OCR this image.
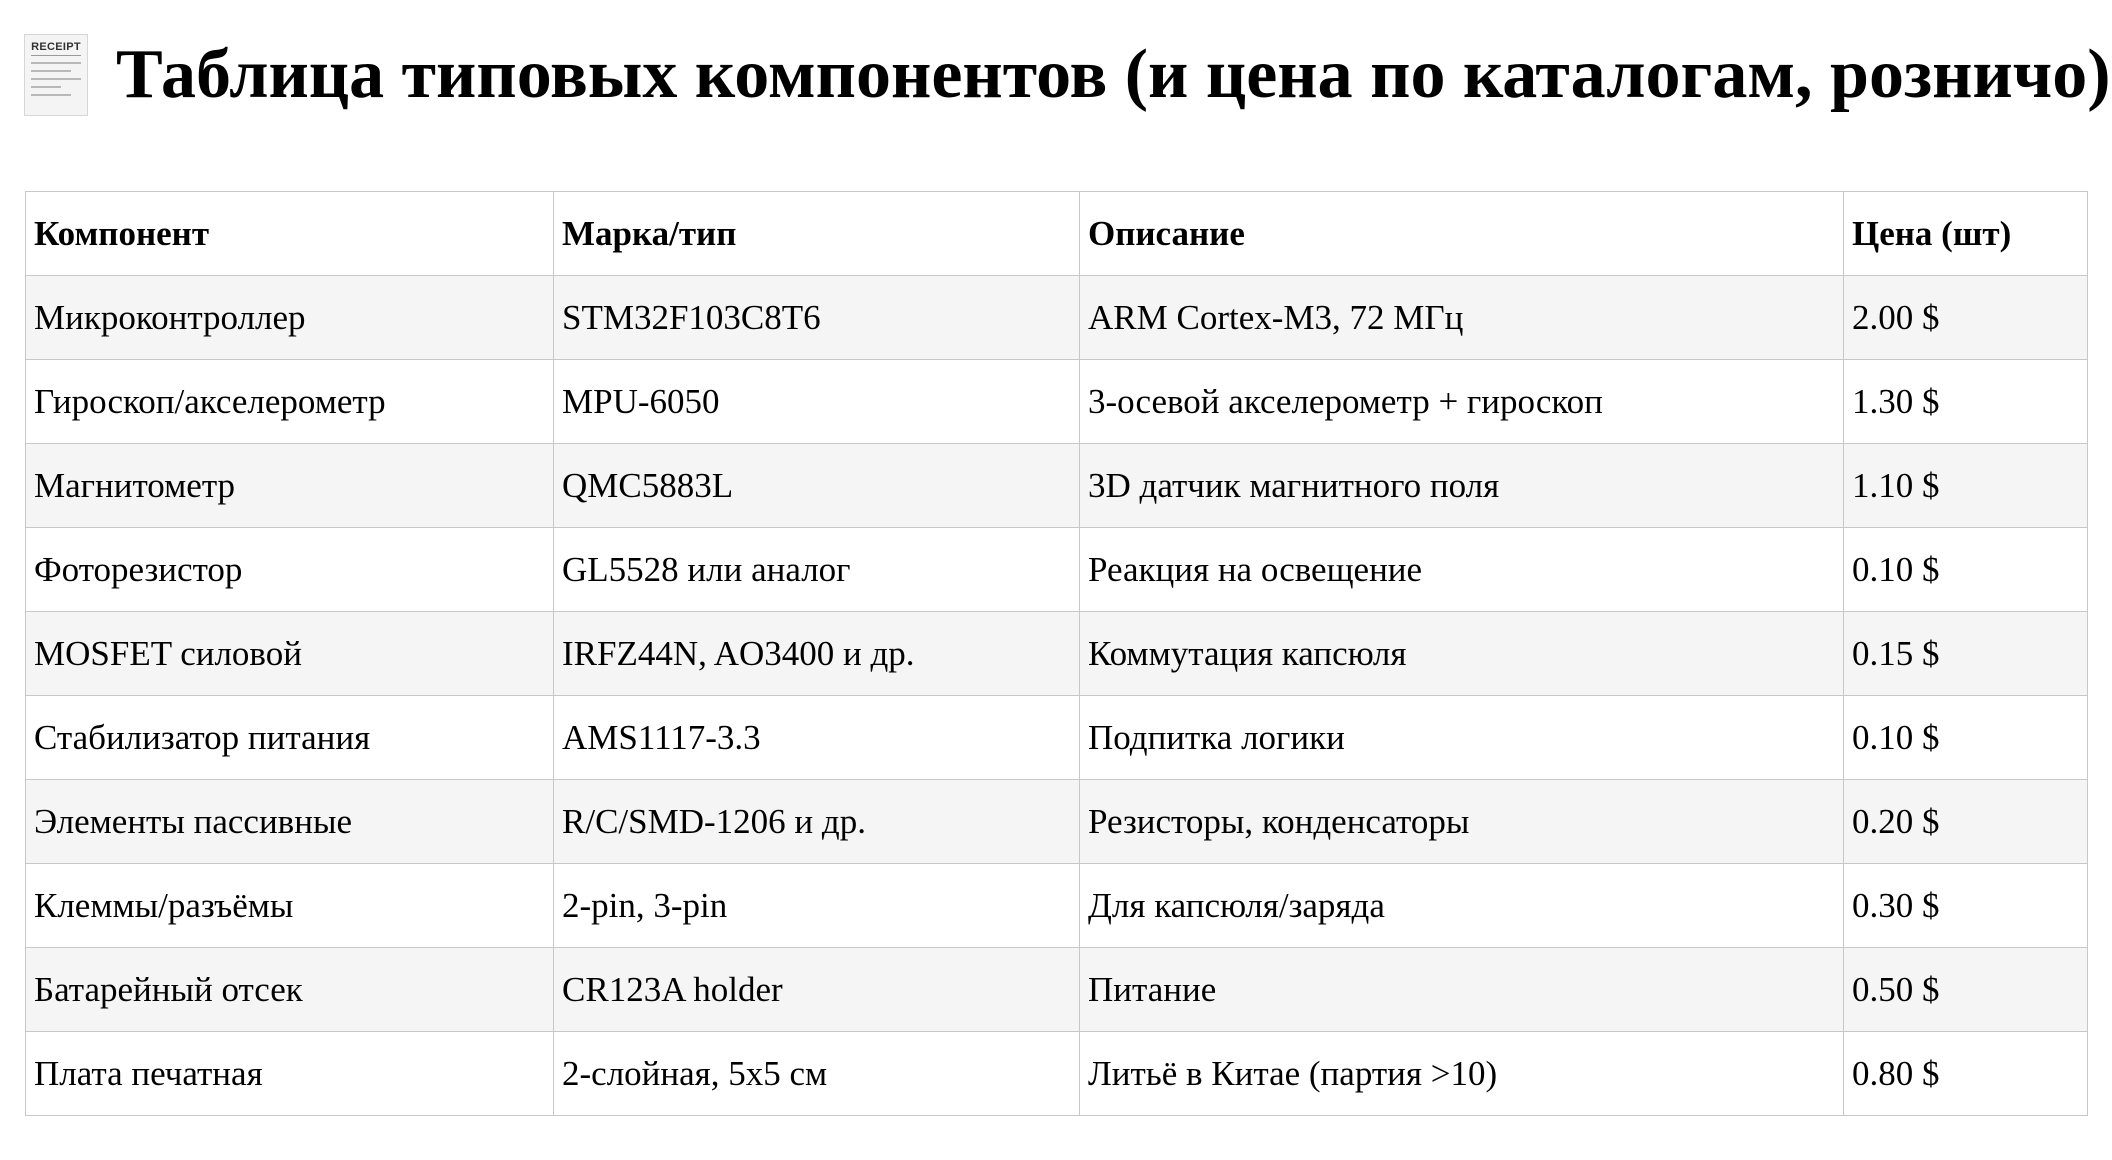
RECEIPT Таблица типовых компонентов (и цена по каталогам, розничо)
Компонент	Марка/тип	Описание	Цена (шт)
Микроконтроллер	STM32F103C8T6	ARM Cortex-M3, 72 МГц	2.00 $
Гироскоп/акселерометр	MPU-6050	3-осевой акселерометр + гироскоп	1.30 $
Магнитометр	QMC5883L	3D датчик магнитного поля	1.10 $
Фоторезистор	GL5528 или аналог	Реакция на освещение	0.10 $
MOSFET силовой	IRFZ44N, AO3400 и др.	Коммутация капсюля	0.15 $
Стабилизатор питания	AMS1117-3.3	Подпитка логики	0.10 $
Элементы пассивные	R/C/SMD-1206 и др.	Резисторы, конденсаторы	0.20 $
Клеммы/разъёмы	2-pin, 3-pin	Для капсюля/заряда	0.30 $
Батарейный отсек	CR123A holder	Питание	0.50 $
Плата печатная	2-слойная, 5x5 см	Литьё в Китае (партия >10)	0.80 $
